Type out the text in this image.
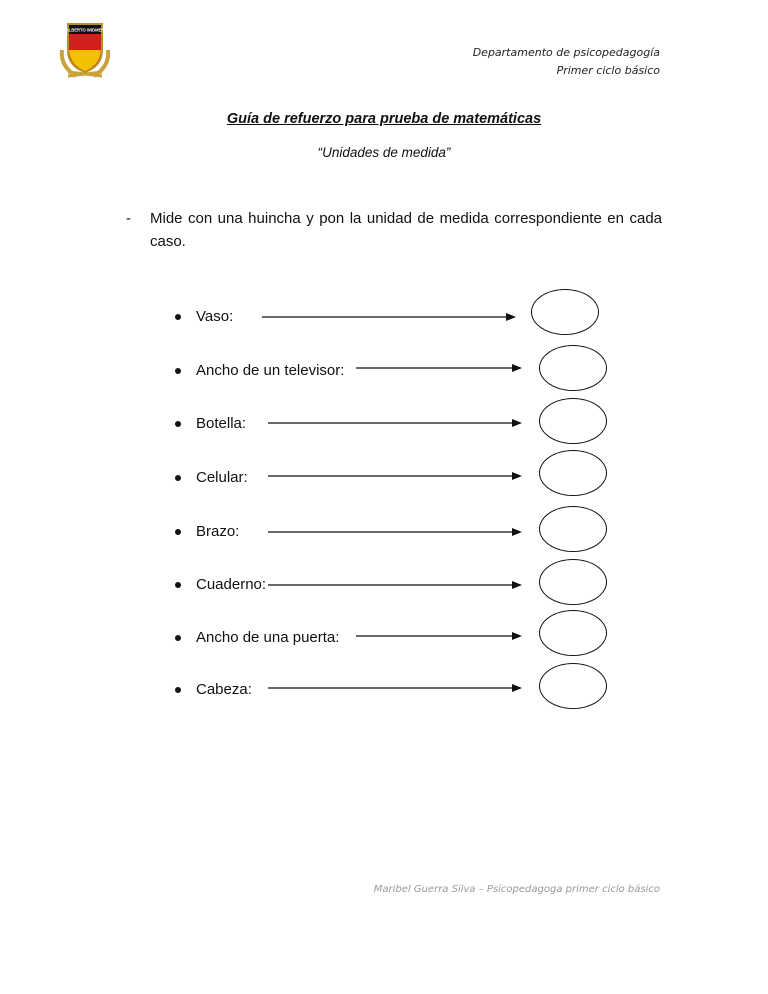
ALBERTO WIDMER
Departamento de psicopedagogía
Primer ciclo básico
Guía de refuerzo para prueba de matemáticas
“Unidades de medida”
- Mide con una huincha y pon la unidad de medida correspondiente en cada caso.
Vaso:
Ancho de un televisor:
Botella:
Celular:
Brazo:
Cuaderno:
Ancho de una puerta:
Cabeza:
Maribel Guerra Silva – Psicopedagoga primer ciclo básico
